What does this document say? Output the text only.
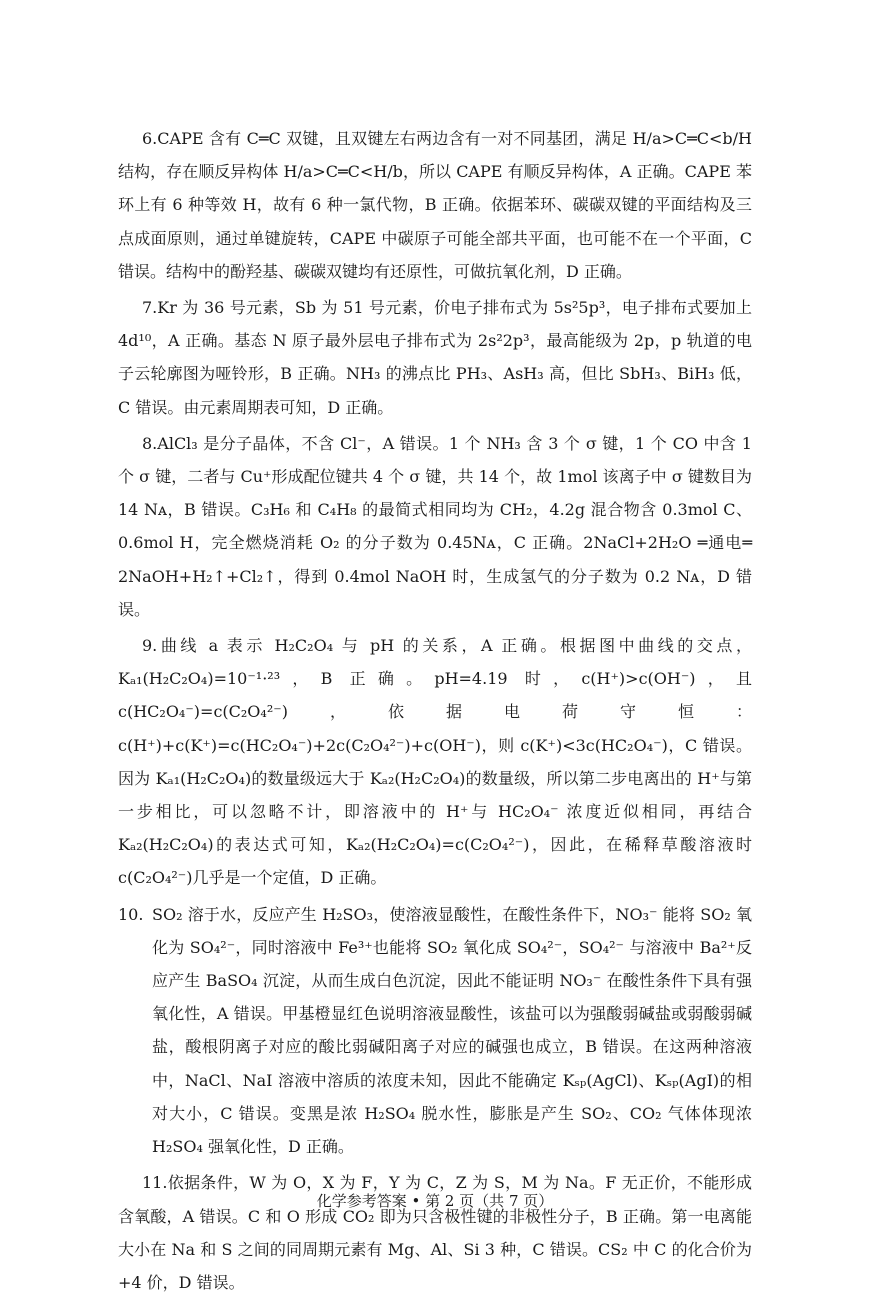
6.CAPE 含有 C═C 双键，且双键左右两边含有一对不同基团，满足 H/a>C═C<b/H 结构，存在顺反异构体 H/a>C═C<H/b，所以 CAPE 有顺反异构体，A 正确。CAPE 苯环上有 6 种等效 H，故有 6 种一氯代物，B 正确。依据苯环、碳碳双键的平面结构及三点成面原则，通过单键旋转，CAPE 中碳原子可能全部共平面，也可能不在一个平面，C 错误。结构中的酚羟基、碳碳双键均有还原性，可做抗氧化剂，D 正确。
7.Kr 为 36 号元素，Sb 为 51 号元素，价电子排布式为 5s²5p³，电子排布式要加上 4d¹⁰，A 正确。基态 N 原子最外层电子排布式为 2s²2p³，最高能级为 2p，p 轨道的电子云轮廓图为哑铃形，B 正确。NH₃ 的沸点比 PH₃、AsH₃ 高，但比 SbH₃、BiH₃ 低，C 错误。由元素周期表可知，D 正确。
8.AlCl₃ 是分子晶体，不含 Cl⁻，A 错误。1 个 NH₃ 含 3 个 σ 键，1 个 CO 中含 1 个 σ 键，二者与 Cu⁺形成配位键共 4 个 σ 键，共 14 个，故 1mol 该离子中 σ 键数目为 14 Nᴀ，B 错误。C₃H₆ 和 C₄H₈ 的最简式相同均为 CH₂，4.2g 混合物含 0.3mol C、0.6mol H，完全燃烧消耗 O₂ 的分子数为 0.45Nᴀ，C 正确。2NaCl+2H₂O ═通电═ 2NaOH+H₂↑+Cl₂↑，得到 0.4mol NaOH 时，生成氢气的分子数为 0.2 Nᴀ，D 错误。
9.曲线 a 表示 H₂C₂O₄ 与 pH 的关系，A 正确。根据图中曲线的交点，Kₐ₁(H₂C₂O₄)=10⁻¹·²³，B 正确。pH=4.19 时，c(H⁺)>c(OH⁻)，且 c(HC₂O₄⁻)=c(C₂O₄²⁻)，依据电荷守恒：c(H⁺)+c(K⁺)=c(HC₂O₄⁻)+2c(C₂O₄²⁻)+c(OH⁻)，则 c(K⁺)<3c(HC₂O₄⁻)，C 错误。因为 Kₐ₁(H₂C₂O₄)的数量级远大于 Kₐ₂(H₂C₂O₄)的数量级，所以第二步电离出的 H⁺与第一步相比，可以忽略不计，即溶液中的 H⁺与 HC₂O₄⁻ 浓度近似相同，再结合 Kₐ₂(H₂C₂O₄)的表达式可知，Kₐ₂(H₂C₂O₄)=c(C₂O₄²⁻)，因此，在稀释草酸溶液时 c(C₂O₄²⁻)几乎是一个定值，D 正确。
10. SO₂ 溶于水，反应产生 H₂SO₃，使溶液显酸性，在酸性条件下，NO₃⁻ 能将 SO₂ 氧化为 SO₄²⁻，同时溶液中 Fe³⁺也能将 SO₂ 氧化成 SO₄²⁻，SO₄²⁻ 与溶液中 Ba²⁺反应产生 BaSO₄ 沉淀，从而生成白色沉淀，因此不能证明 NO₃⁻ 在酸性条件下具有强氧化性，A 错误。甲基橙显红色说明溶液显酸性，该盐可以为强酸弱碱盐或弱酸弱碱盐，酸根阴离子对应的酸比弱碱阳离子对应的碱强也成立，B 错误。在这两种溶液中，NaCl、NaI 溶液中溶质的浓度未知，因此不能确定 Kₛₚ(AgCl)、Kₛₚ(AgI)的相对大小，C 错误。变黑是浓 H₂SO₄ 脱水性，膨胀是产生 SO₂、CO₂ 气体体现浓 H₂SO₄ 强氧化性，D 正确。
11.依据条件，W 为 O，X 为 F，Y 为 C，Z 为 S，M 为 Na。F 无正价，不能形成含氧酸，A 错误。C 和 O 形成 CO₂ 即为只含极性键的非极性分子，B 正确。第一电离能大小在 Na 和 S 之间的同周期元素有 Mg、Al、Si 3 种，C 错误。CS₂ 中 C 的化合价为+4 价，D 错误。
化学参考答案 • 第 2 页（共 7 页）
